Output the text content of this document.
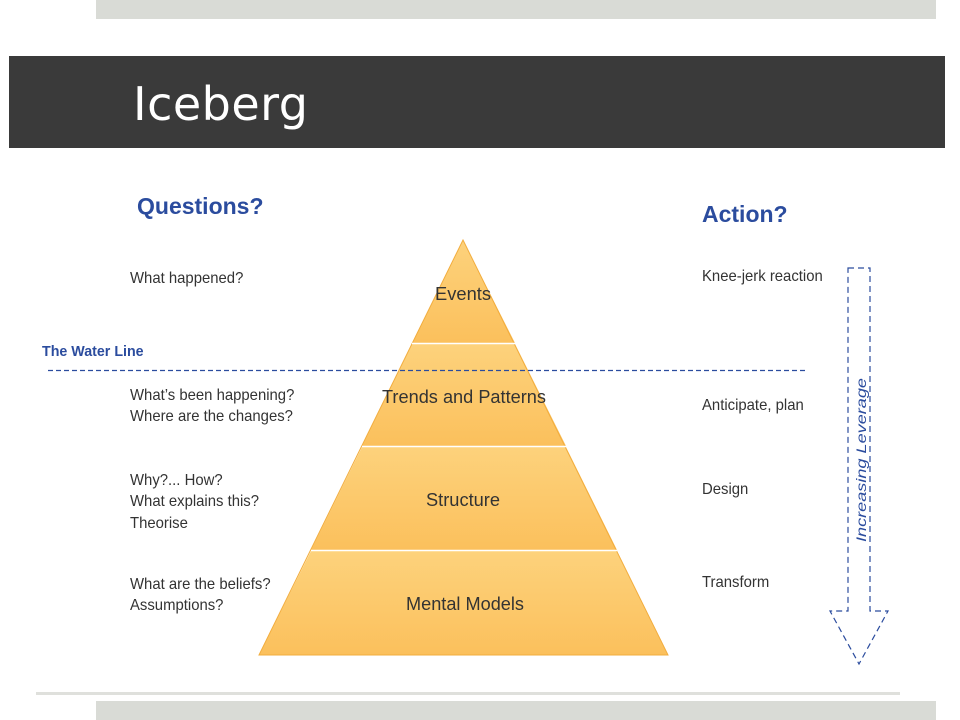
Iceberg
Events
Trends and Patterns
Structure
Mental Models
Increasing Leverage
Questions?	Action?
The Water Line
What happened?
What’s been happening?
Where are the changes?
Why?... How?
What explains this?
Theorise
What are the beliefs?
Assumptions?
Knee-jerk reaction
Anticipate, plan
Design
Transform
